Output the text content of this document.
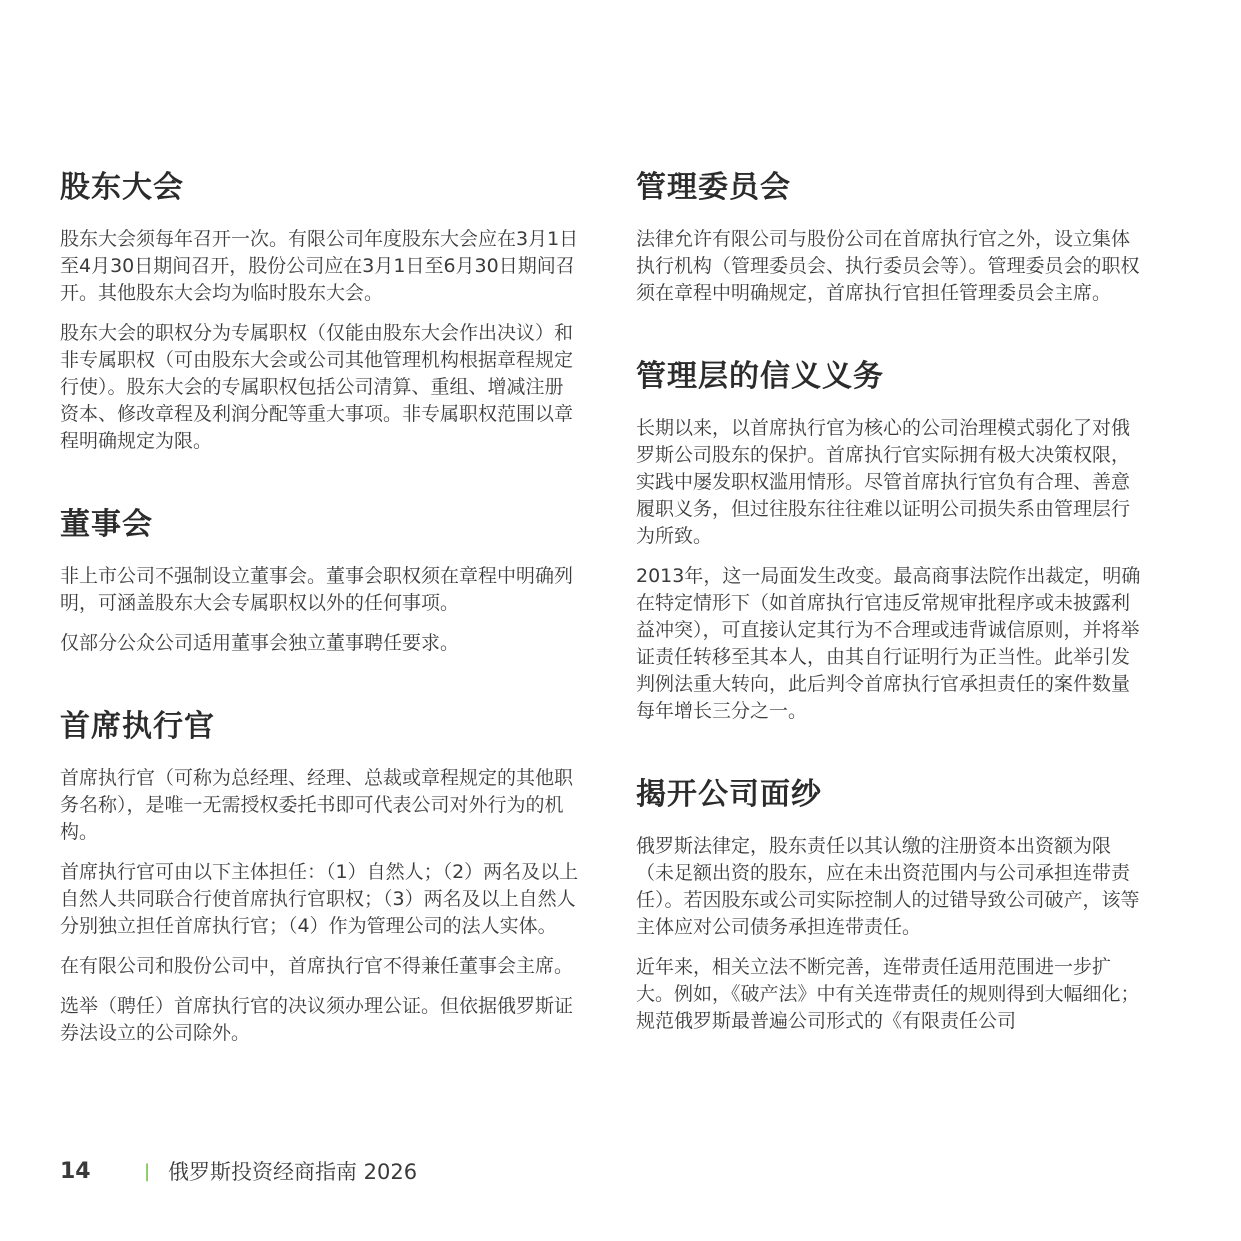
股东大会

股东大会须每年召开一次。有限公司年度股东大会应在3月1日至4月30日期间召开，股份公司应在3月1日至6月30日期间召开。其他股东大会均为临时股东大会。

股东大会的职权分为专属职权（仅能由股东大会作出决议）和非专属职权（可由股东大会或公司其他管理机构根据章程规定行使）。股东大会的专属职权包括公司清算、重组、增减注册资本、修改章程及利润分配等重大事项。非专属职权范围以章程明确规定为限。

董事会

非上市公司不强制设立董事会。董事会职权须在章程中明确列明，可涵盖股东大会专属职权以外的任何事项。

仅部分公众公司适用董事会独立董事聘任要求。

首席执行官

首席执行官（可称为总经理、经理、总裁或章程规定的其他职务名称），是唯一无需授权委托书即可代表公司对外行为的机构。

首席执行官可由以下主体担任：（1）自然人；（2）两名及以上自然人共同联合行使首席执行官职权；（3）两名及以上自然人分别独立担任首席执行官；（4）作为管理公司的法人实体。

在有限公司和股份公司中，首席执行官不得兼任董事会主席。

选举（聘任）首席执行官的决议须办理公证。但依据俄罗斯证券法设立的公司除外。

管理委员会

法律允许有限公司与股份公司在首席执行官之外，设立集体执行机构（管理委员会、执行委员会等）。管理委员会的职权须在章程中明确规定，首席执行官担任管理委员会主席。

管理层的信义义务

长期以来，以首席执行官为核心的公司治理模式弱化了对俄罗斯公司股东的保护。首席执行官实际拥有极大决策权限，实践中屡发职权滥用情形。尽管首席执行官负有合理、善意履职义务，但过往股东往往难以证明公司损失系由管理层行为所致。

2013年，这一局面发生改变。最高商事法院作出裁定，明确在特定情形下（如首席执行官违反常规审批程序或未披露利益冲突），可直接认定其行为不合理或违背诚信原则，并将举证责任转移至其本人，由其自行证明行为正当性。此举引发判例法重大转向，此后判令首席执行官承担责任的案件数量每年增长三分之一。

揭开公司面纱

俄罗斯法律定，股东责任以其认缴的注册资本出资额为限（未足额出资的股东，应在未出资范围内与公司承担连带责任）。若因股东或公司实际控制人的过错导致公司破产，该等主体应对公司债务承担连带责任。

近年来，相关立法不断完善，连带责任适用范围进一步扩大。例如，《破产法》中有关连带责任的规则得到大幅细化；规范俄罗斯最普遍公司形式的《有限责任公司

14	| 俄罗斯投资经商指南 2026
